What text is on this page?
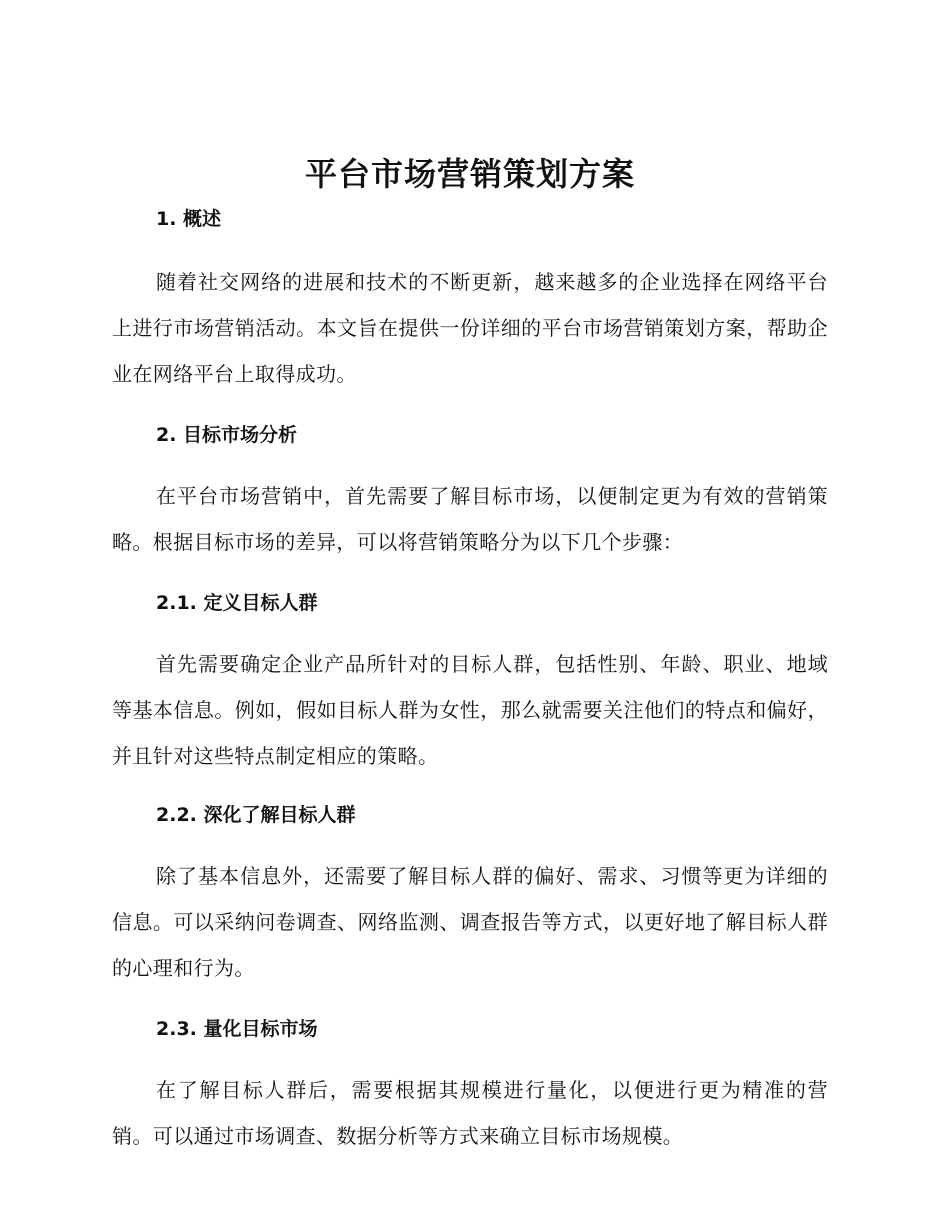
平台市场营销策划方案
1. 概述

随着社交网络的进展和技术的不断更新，越来越多的企业选择在网络平台上进行市场营销活动。本文旨在提供一份详细的平台市场营销策划方案，帮助企业在网络平台上取得成功。

2. 目标市场分析

在平台市场营销中，首先需要了解目标市场，以便制定更为有效的营销策略。根据目标市场的差异，可以将营销策略分为以下几个步骤：

2.1. 定义目标人群

首先需要确定企业产品所针对的目标人群，包括性别、年龄、职业、地域等基本信息。例如，假如目标人群为女性，那么就需要关注他们的特点和偏好，并且针对这些特点制定相应的策略。

2.2. 深化了解目标人群

除了基本信息外，还需要了解目标人群的偏好、需求、习惯等更为详细的信息。可以采纳问卷调查、网络监测、调查报告等方式，以更好地了解目标人群的心理和行为。

2.3. 量化目标市场

在了解目标人群后，需要根据其规模进行量化，以便进行更为精准的营销。可以通过市场调查、数据分析等方式来确立目标市场规模。
